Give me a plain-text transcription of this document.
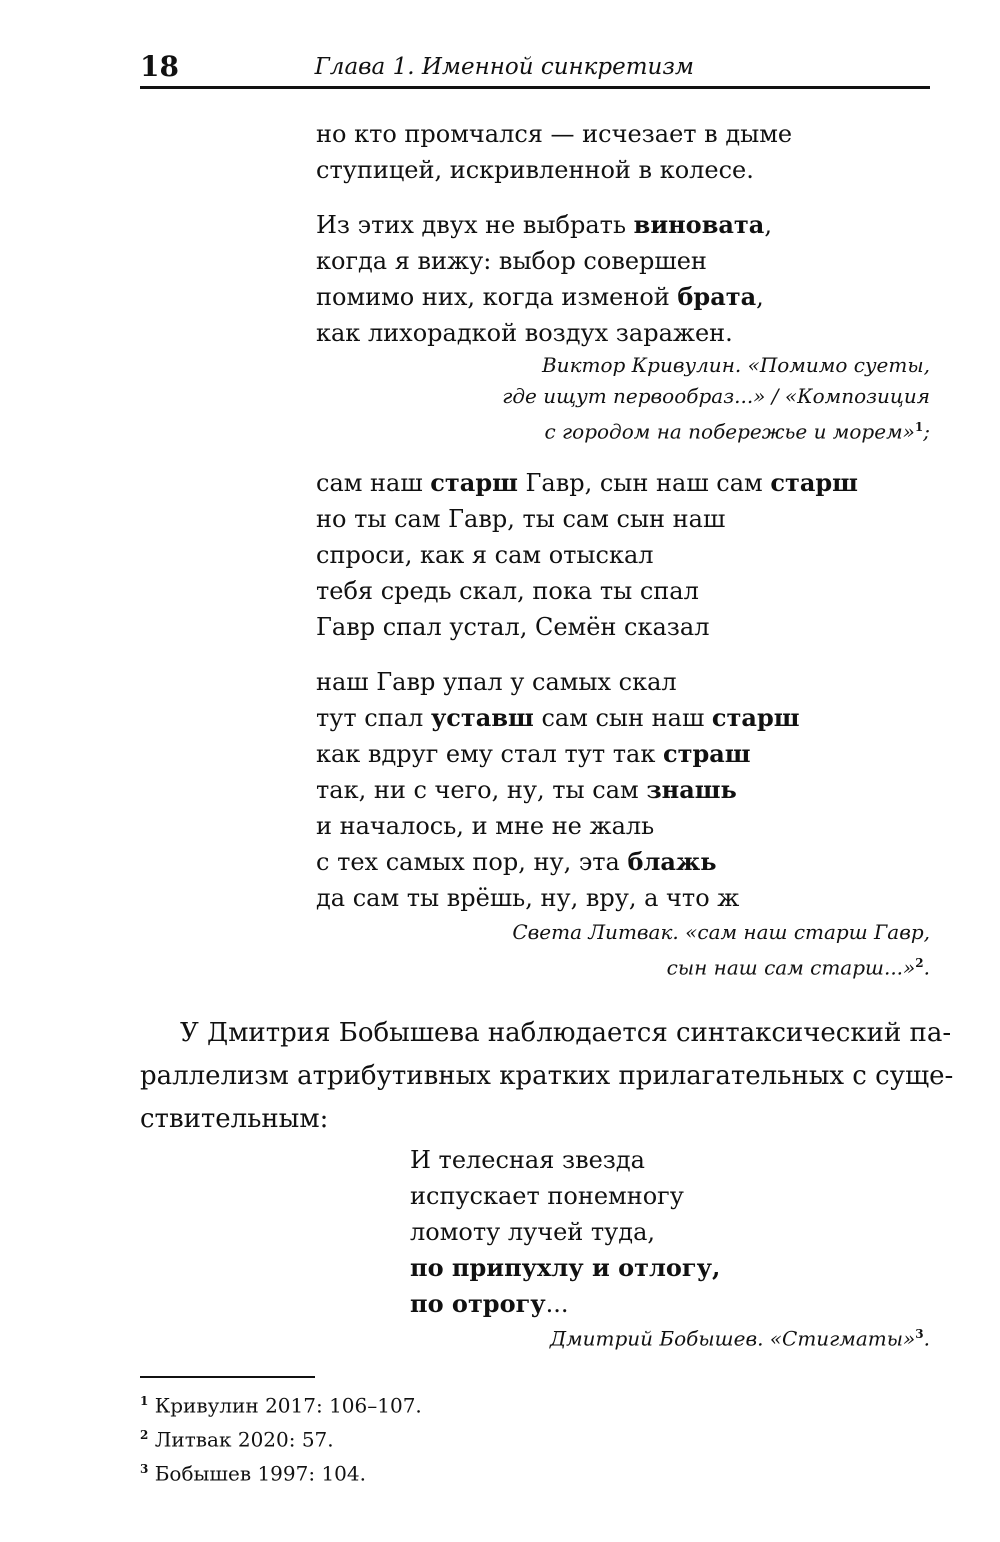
18	Глава 1. Именной синкретизм
но кто промчался — исчезает в дыме
ступицей, искривленной в колесе.
Из этих двух не выбрать виновата,
когда я вижу: выбор совершен
помимо них, когда изменой брата,
как лихорадкой воздух заражен.
Виктор Кривулин. «Помимо суеты,
где ищут первообраз...» / «Композиция
с городом на побережье и морем»$^1$;
сам наш старш Гавр, сын наш сам старш
но ты сам Гавр, ты сам сын наш
спроси, как я сам отыскал
тебя средь скал, пока ты спал
Гавр спал устал, Семён сказал
наш Гавр упал у самых скал
тут спал уставш сам сын наш старш
как вдруг ему стал тут так страш
так, ни с чего, ну, ты сам знашь
и началось, и мне не жаль
с тех самых пор, ну, эта блажь
да сам ты врёшь, ну, вру, а что ж
Света Литвак. «сам наш старш Гавр,
сын наш сам старш...»$^2$.
У Дмитрия Бобышева наблюдается синтаксический па-
раллелизм атрибутивных кратких прилагательных с суще-
ствительным:
И телесная звезда
испускает понемногу
ломоту лучей туда,
по припухлу и отлогу,
по отрогу...
Дмитрий Бобышев. «Стигматы»$^3$.
$^1$ Кривулин 2017: 106–107.
$^2$ Литвак 2020: 57.
$^3$ Бобышев 1997: 104.
